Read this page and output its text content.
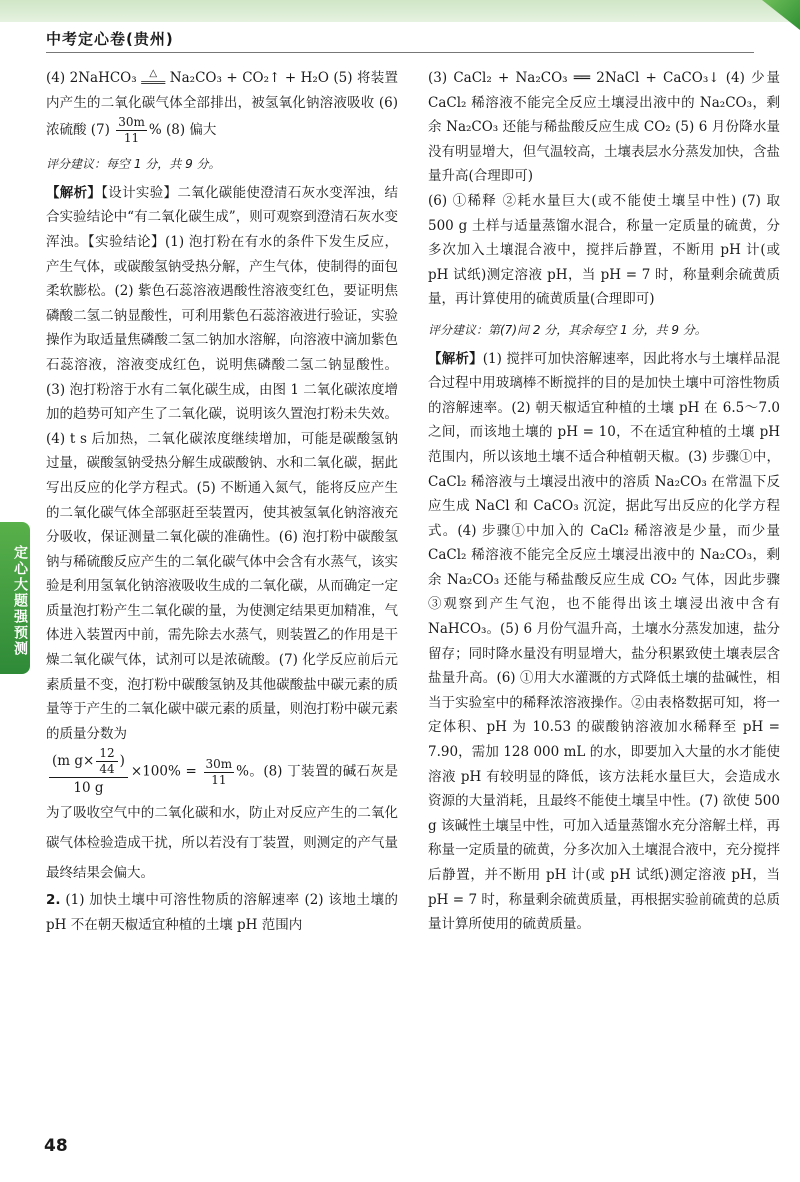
中考定心卷(贵州)

(4) 2NaHCO₃ △
════ Na₂CO₃ + CO₂↑ + H₂O (5) 将装置内产生的二氧化碳气体全部排出，被氢氧化钠溶液吸收 (6) 浓硫酸 $(7) \frac{30m}{11}$ % (8) 偏大

评分建议：每空 1 分，共 9 分。

【解析】【设计实验】二氧化碳能使澄清石灰水变浑浊，结合实验结论中“有二氧化碳生成”，则可观察到澄清石灰水变浑浊。【实验结论】(1) 泡打粉在有水的条件下发生反应，产生气体，或碳酸氢钠受热分解，产生气体，使制得的面包柔软膨松。(2) 紫色石蕊溶液遇酸性溶液变红色，要证明焦磷酸二氢二钠显酸性，可利用紫色石蕊溶液进行验证，实验操作为取适量焦磷酸二氢二钠加水溶解，向溶液中滴加紫色石蕊溶液，溶液变成红色，说明焦磷酸二氢二钠显酸性。(3) 泡打粉溶于水有二氧化碳生成，由图 1 二氧化碳浓度增加的趋势可知产生了二氧化碳，说明该久置泡打粉未失效。(4) t s 后加热，二氧化碳浓度继续增加，可能是碳酸氢钠过量，碳酸氢钠受热分解生成碳酸钠、水和二氧化碳，据此写出反应的化学方程式。(5) 不断通入氮气，能将反应产生的二氧化碳气体全部驱赶至装置丙，使其被氢氧化钠溶液充分吸收，保证测量二氧化碳的准确性。(6) 泡打粉中碳酸氢钠与稀硫酸反应产生的二氧化碳气体中会含有水蒸气，该实验是利用氢氧化钠溶液吸收生成的二氧化碳，从而确定一定质量泡打粉产生二氧化碳的量，为使测定结果更加精准，气体进入装置丙中前，需先除去水蒸气，则装置乙的作用是干燥二氧化碳气体，试剂可以是浓硫酸。(7) 化学反应前后元素质量不变，泡打粉中碳酸氢钠及其他碳酸盐中碳元素的质量等于产生的二氧化碳中碳元素的质量，则泡打粉中碳元素的质量分数为

$\frac{(m g\times \frac{12}{44} )}{10 g} \times 100\% = \frac{30m}{11}$ %。(8) 丁装置的碱石灰是为了吸收空气中的二氧化碳和水，防止对反应产生的二氧化碳气体检验造成干扰，所以若没有丁装置，则测定的产气量最终结果会偏大。

2. (1) 加快土壤中可溶性物质的溶解速率 (2) 该地土壤的 pH 不在朝天椒适宜种植的土壤 pH 范围内

(3) CaCl₂ + Na₂CO₃ ══ 2NaCl + CaCO₃↓ (4) 少量 CaCl₂ 稀溶液不能完全反应土壤浸出液中的 Na₂CO₃，剩余 Na₂CO₃ 还能与稀盐酸反应生成 CO₂ (5) 6 月份降水量没有明显增大，但气温较高，土壤表层水分蒸发加快，含盐量升高(合理即可)

(6) ①稀释 ②耗水量巨大(或不能使土壤呈中性) (7) 取 500 g 土样与适量蒸馏水混合，称量一定质量的硫黄，分多次加入土壤混合液中，搅拌后静置，不断用 pH 计(或 pH 试纸)测定溶液 pH，当 pH = 7 时，称量剩余硫黄质量，再计算使用的硫黄质量(合理即可)

评分建议：第(7)问 2 分，其余每空 1 分，共 9 分。

【解析】(1) 搅拌可加快溶解速率，因此将水与土壤样品混合过程中用玻璃棒不断搅拌的目的是加快土壤中可溶性物质的溶解速率。(2) 朝天椒适宜种植的土壤 pH 在 6.5～7.0 之间，而该地土壤的 pH = 10，不在适宜种植的土壤 pH 范围内，所以该地土壤不适合种植朝天椒。(3) 步骤①中，CaCl₂ 稀溶液与土壤浸出液中的溶质 Na₂CO₃ 在常温下反应生成 NaCl 和 CaCO₃ 沉淀，据此写出反应的化学方程式。(4) 步骤①中加入的 CaCl₂ 稀溶液是少量，而少量 CaCl₂ 稀溶液不能完全反应土壤浸出液中的 Na₂CO₃，剩余 Na₂CO₃ 还能与稀盐酸反应生成 CO₂ 气体，因此步骤③观察到产生气泡，也不能得出该土壤浸出液中含有 NaHCO₃。(5) 6 月份气温升高，土壤水分蒸发加速，盐分留存；同时降水量没有明显增大，盐分积累致使土壤表层含盐量升高。(6) ①用大水灌溉的方式降低土壤的盐碱性，相当于实验室中的稀释浓溶液操作。②由表格数据可知，将一定体积、pH 为 10.53 的碳酸钠溶液加水稀释至 pH = 7.90，需加 128 000 mL 的水，即要加入大量的水才能使溶液 pH 有较明显的降低，该方法耗水量巨大，会造成水资源的大量消耗，且最终不能使土壤呈中性。(7) 欲使 500 g 该碱性土壤呈中性，可加入适量蒸馏水充分溶解土样，再称量一定质量的硫黄，分多次加入土壤混合液中，充分搅拌后静置，并不断用 pH 计(或 pH 试纸)测定溶液 pH，当 pH = 7 时，称量剩余硫黄质量，再根据实验前硫黄的总质量计算所使用的硫黄质量。

定心大题强预测
48
